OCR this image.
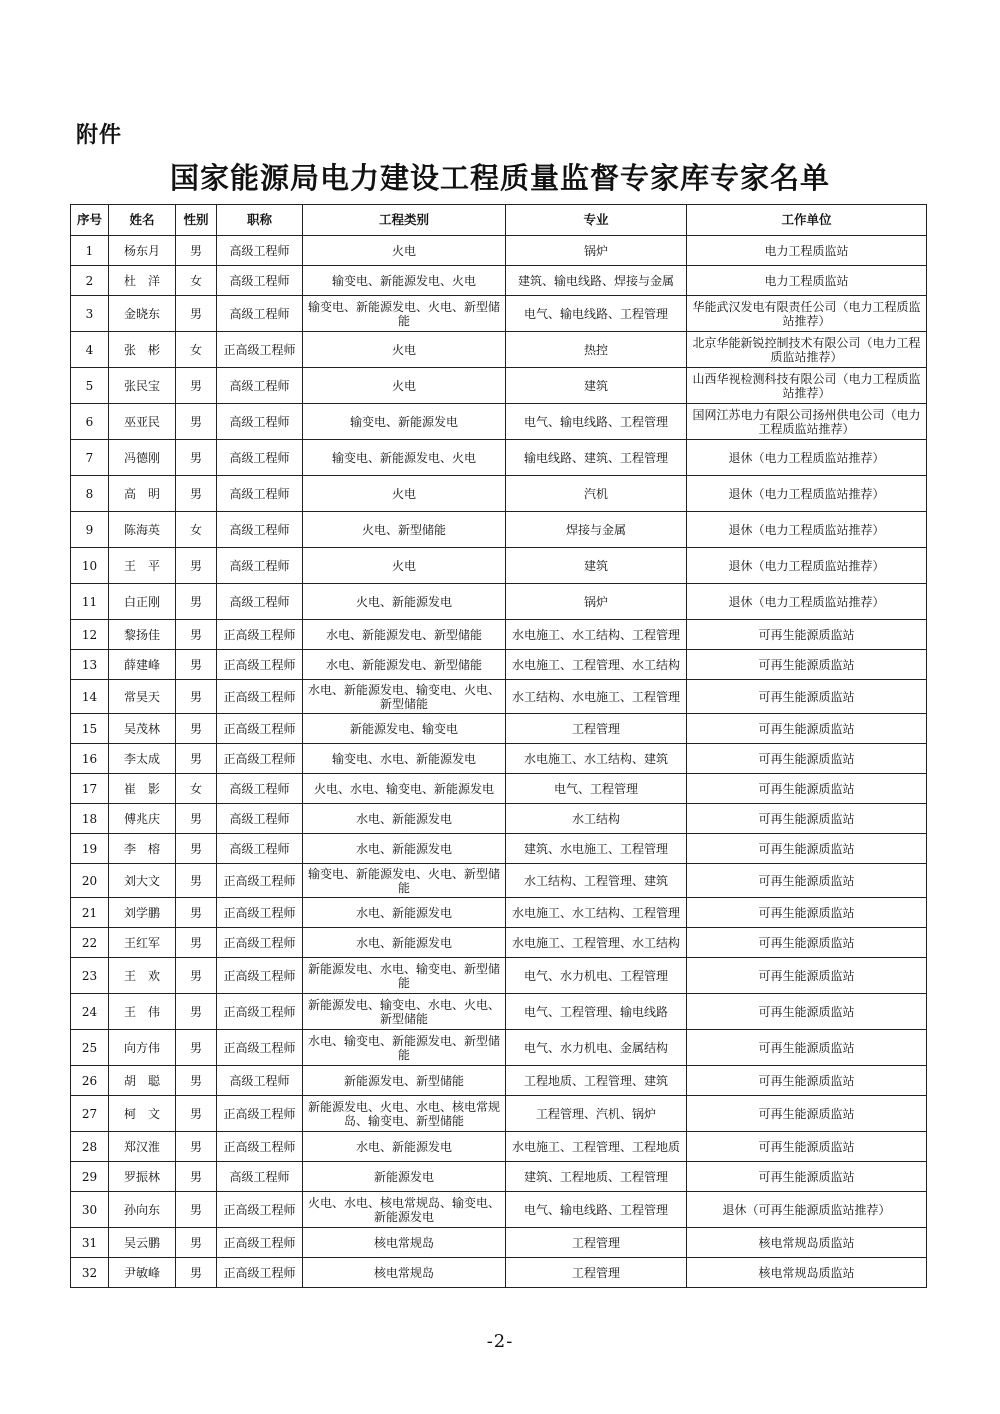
附件
国家能源局电力建设工程质量监督专家库专家名单
序号	姓名	性别	职称	工程类别	专业	工作单位
1	杨东月	男	高级工程师	火电	锅炉	电力工程质监站
2	杜　洋	女	高级工程师	输变电、新能源发电、火电	建筑、输电线路、焊接与金属	电力工程质监站
3	金晓东	男	高级工程师	输变电、新能源发电、火电、新型储能	电气、输电线路、工程管理	华能武汉发电有限责任公司（电力工程质监站推荐）
4	张　彬	女	正高级工程师	火电	热控	北京华能新锐控制技术有限公司（电力工程质监站推荐）
5	张民宝	男	高级工程师	火电	建筑	山西华视检测科技有限公司（电力工程质监站推荐）
6	巫亚民	男	高级工程师	输变电、新能源发电	电气、输电线路、工程管理	国网江苏电力有限公司扬州供电公司（电力工程质监站推荐）
7	冯德刚	男	高级工程师	输变电、新能源发电、火电	输电线路、建筑、工程管理	退休（电力工程质监站推荐）
8	高　明	男	高级工程师	火电	汽机	退休（电力工程质监站推荐）
9	陈海英	女	高级工程师	火电、新型储能	焊接与金属	退休（电力工程质监站推荐）
10	王　平	男	高级工程师	火电	建筑	退休（电力工程质监站推荐）
11	白正刚	男	高级工程师	火电、新能源发电	锅炉	退休（电力工程质监站推荐）
12	黎扬佳	男	正高级工程师	水电、新能源发电、新型储能	水电施工、水工结构、工程管理	可再生能源质监站
13	薛建峰	男	正高级工程师	水电、新能源发电、新型储能	水电施工、工程管理、水工结构	可再生能源质监站
14	常昊天	男	正高级工程师	水电、新能源发电、输变电、火电、新型储能	水工结构、水电施工、工程管理	可再生能源质监站
15	吴茂林	男	正高级工程师	新能源发电、输变电	工程管理	可再生能源质监站
16	李太成	男	正高级工程师	输变电、水电、新能源发电	水电施工、水工结构、建筑	可再生能源质监站
17	崔　影	女	高级工程师	火电、水电、输变电、新能源发电	电气、工程管理	可再生能源质监站
18	傅兆庆	男	高级工程师	水电、新能源发电	水工结构	可再生能源质监站
19	李　榕	男	高级工程师	水电、新能源发电	建筑、水电施工、工程管理	可再生能源质监站
20	刘大文	男	正高级工程师	输变电、新能源发电、火电、新型储能	水工结构、工程管理、建筑	可再生能源质监站
21	刘学鹏	男	正高级工程师	水电、新能源发电	水电施工、水工结构、工程管理	可再生能源质监站
22	王红军	男	正高级工程师	水电、新能源发电	水电施工、工程管理、水工结构	可再生能源质监站
23	王　欢	男	正高级工程师	新能源发电、水电、输变电、新型储能	电气、水力机电、工程管理	可再生能源质监站
24	王　伟	男	正高级工程师	新能源发电、输变电、水电、火电、新型储能	电气、工程管理、输电线路	可再生能源质监站
25	向方伟	男	正高级工程师	水电、输变电、新能源发电、新型储能	电气、水力机电、金属结构	可再生能源质监站
26	胡　聪	男	高级工程师	新能源发电、新型储能	工程地质、工程管理、建筑	可再生能源质监站
27	柯　文	男	正高级工程师	新能源发电、火电、水电、核电常规岛、输变电、新型储能	工程管理、汽机、锅炉	可再生能源质监站
28	郑汉淮	男	正高级工程师	水电、新能源发电	水电施工、工程管理、工程地质	可再生能源质监站
29	罗振林	男	高级工程师	新能源发电	建筑、工程地质、工程管理	可再生能源质监站
30	孙向东	男	正高级工程师	火电、水电、核电常规岛、输变电、新能源发电	电气、输电线路、工程管理	退休（可再生能源质监站推荐）
31	吴云鹏	男	正高级工程师	核电常规岛	工程管理	核电常规岛质监站
32	尹敏峰	男	正高级工程师	核电常规岛	工程管理	核电常规岛质监站
-2-
